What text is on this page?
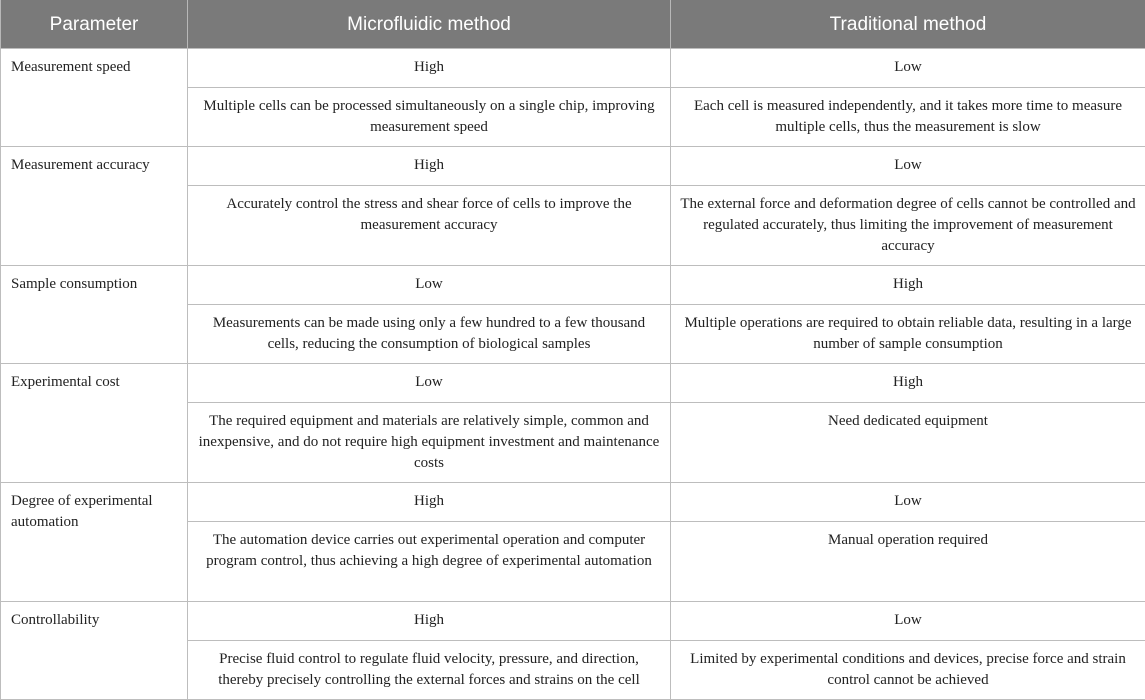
Parameter	Microfluidic method	Traditional method
Measurement speed	High	Low
	Multiple cells can be processed simultaneously on a single chip, improving measurement speed	Each cell is measured independently, and it takes more time to measure multiple cells, thus the measurement is slow
Measurement accuracy	High	Low
	Accurately control the stress and shear force of cells to improve the measurement accuracy	The external force and deformation degree of cells cannot be controlled and regulated accurately, thus limiting the improvement of measurement accuracy
Sample consumption	Low	High
	Measurements can be made using only a few hundred to a few thousand cells, reducing the consumption of biological samples	Multiple operations are required to obtain reliable data, resulting in a large number of sample consumption
Experimental cost	Low	High
	The required equipment and materials are relatively simple, common and inexpensive, and do not require high equipment investment and maintenance costs	Need dedicated equipment
Degree of experimental automation	High	Low
	The automation device carries out experimental operation and computer program control, thus achieving a high degree of experimental automation	Manual operation required
Controllability	High	Low
	Precise fluid control to regulate fluid velocity, pressure, and direction, thereby precisely controlling the external forces and strains on the cell	Limited by experimental conditions and devices, precise force and strain control cannot be achieved
